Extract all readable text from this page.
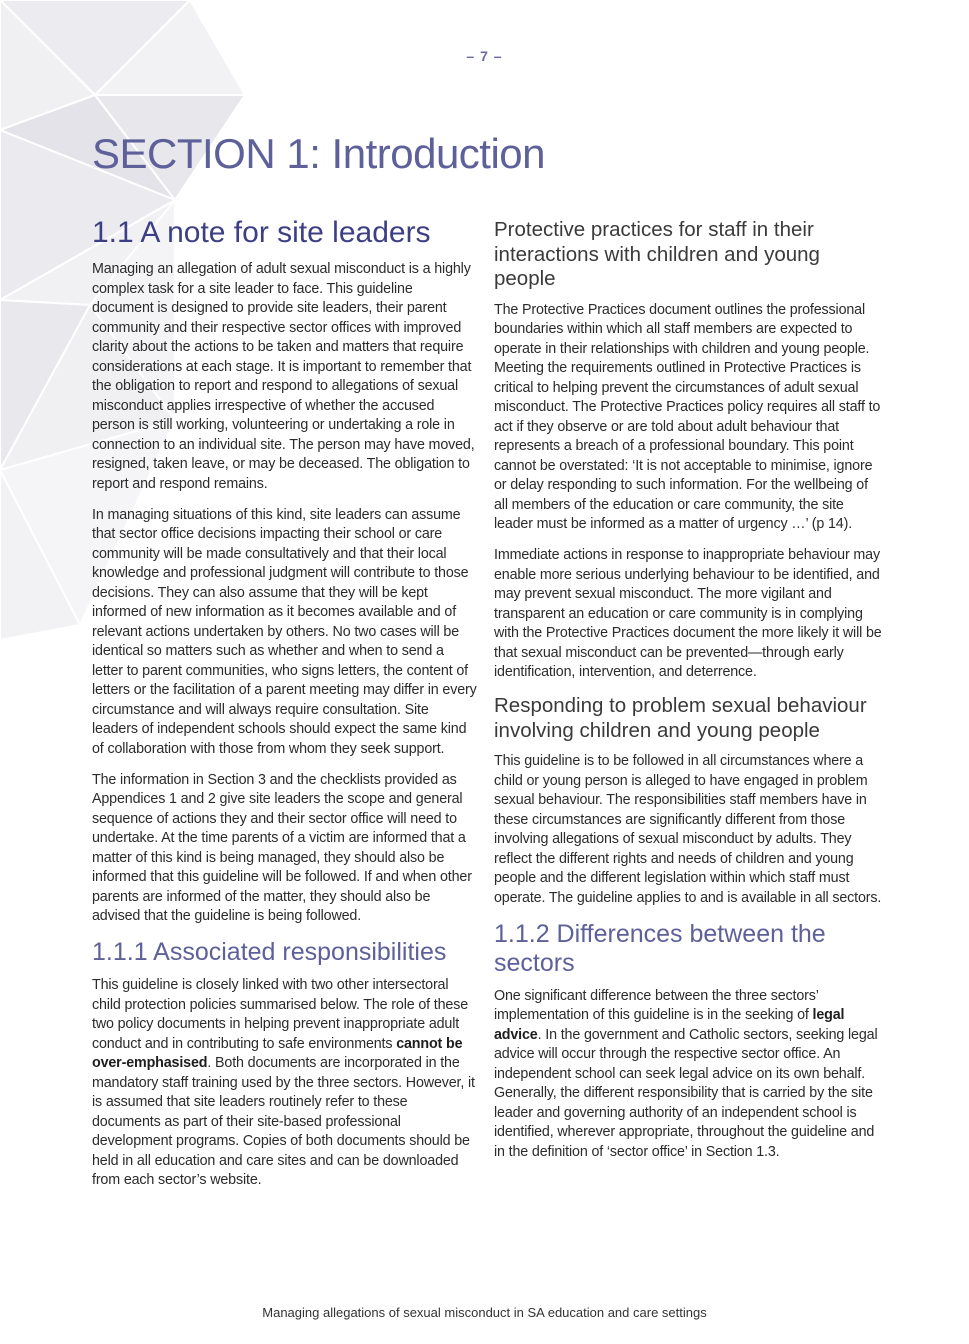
– 7 –
SECTION 1: Introduction
1.1 A note for site leaders

Managing an allegation of adult sexual misconduct is a highly complex task for a site leader to face. This guideline document is designed to provide site leaders, their parent community and their respective sector offices with improved clarity about the actions to be taken and matters that require considerations at each stage. It is important to remember that the obligation to report and respond to allegations of sexual misconduct applies irrespective of whether the accused person is still working, volunteering or undertaking a role in connection to an individual site. The person may have moved, resigned, taken leave, or may be deceased. The obligation to report and respond remains.

In managing situations of this kind, site leaders can assume that sector office decisions impacting their school or care community will be made consultatively and that their local knowledge and professional judgment will contribute to those decisions. They can also assume that they will be kept informed of new information as it becomes available and of relevant actions undertaken by others. No two cases will be identical so matters such as whether and when to send a letter to parent communities, who signs letters, the content of letters or the facilitation of a parent meeting may differ in every circumstance and will always require consultation. Site leaders of independent schools should expect the same kind of collaboration with those from whom they seek support.

The information in Section 3 and the checklists provided as Appendices 1 and 2 give site leaders the scope and general sequence of actions they and their sector office will need to undertake. At the time parents of a victim are informed that a matter of this kind is being managed, they should also be informed that this guideline will be followed. If and when other parents are informed of the matter, they should also be advised that the guideline is being followed.

1.1.1 Associated responsibilities

This guideline is closely linked with two other intersectoral child protection policies summarised below. The role of these two policy documents in helping prevent inappropriate adult conduct and in contributing to safe environments cannot be over-emphasised. Both documents are incorporated in the mandatory staff training used by the three sectors. However, it is assumed that site leaders routinely refer to these documents as part of their site-based professional development programs. Copies of both documents should be held in all education and care sites and can be downloaded from each sector’s website.

Protective practices for staff in their interactions with children and young people

The Protective Practices document outlines the professional boundaries within which all staff members are expected to operate in their relationships with children and young people. Meeting the requirements outlined in Protective Practices is critical to helping prevent the circumstances of adult sexual misconduct. The Protective Practices policy requires all staff to act if they observe or are told about adult behaviour that represents a breach of a professional boundary. This point cannot be overstated: ‘It is not acceptable to minimise, ignore or delay responding to such information. For the wellbeing of all members of the education or care community, the site leader must be informed as a matter of urgency …’ (p 14).

Immediate actions in response to inappropriate behaviour may enable more serious underlying behaviour to be identified, and may prevent sexual misconduct. The more vigilant and transparent an education or care community is in complying with the Protective Practices document the more likely it will be that sexual misconduct can be prevented—through early identification, intervention, and deterrence.

Responding to problem sexual behaviour involving children and young people

This guideline is to be followed in all circumstances where a child or young person is alleged to have engaged in problem sexual behaviour. The responsibilities staff members have in these circumstances are significantly different from those involving allegations of sexual misconduct by adults. They reflect the different rights and needs of children and young people and the different legislation within which staff must operate. The guideline applies to and is available in all sectors.

1.1.2 Differences between the sectors

One significant difference between the three sectors’ implementation of this guideline is in the seeking of legal advice. In the government and Catholic sectors, seeking legal advice will occur through the respective sector office. An independent school can seek legal advice on its own behalf. Generally, the different responsibility that is carried by the site leader and governing authority of an independent school is identified, wherever appropriate, throughout the guideline and in the definition of ‘sector office’ in Section 1.3.

Managing allegations of sexual misconduct in SA education and care settings
